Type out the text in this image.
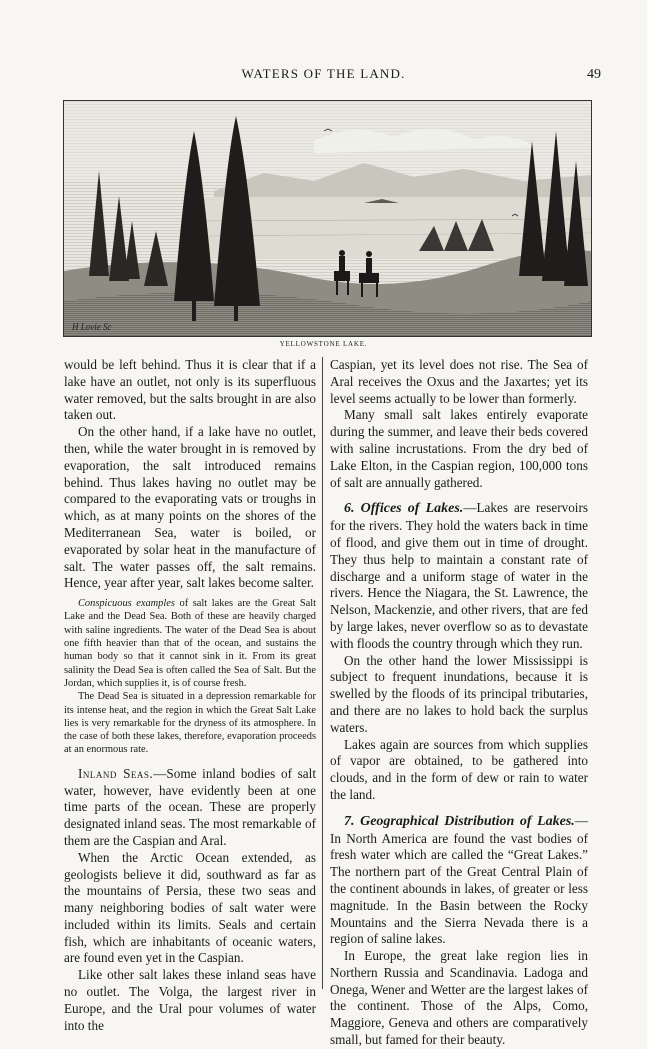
WATERS OF THE LAND.	49
H Lovie Sc
YELLOWSTONE LAKE.

would be left behind. Thus it is clear that if a lake have an outlet, not only is its superfluous water removed, but the salts brought in are also taken out.

On the other hand, if a lake have no outlet, then, while the water brought in is removed by evaporation, the salt introduced remains behind. Thus lakes having no outlet may be compared to the evaporating vats or troughs in which, as at many points on the shores of the Mediterranean Sea, water is boiled, or evaporated by solar heat in the manufacture of salt. The water passes off, the salt remains. Hence, year after year, salt lakes become salter.

Conspicuous examples of salt lakes are the Great Salt Lake and the Dead Sea. Both of these are heavily charged with saline ingredients. The water of the Dead Sea is about one fifth heavier than that of the ocean, and sustains the human body so that it cannot sink in it. From its great salinity the Dead Sea is often called the Sea of Salt. But the Jordan, which supplies it, is of course fresh.

The Dead Sea is situated in a depression remarkable for its intense heat, and the region in which the Great Salt Lake lies is very remarkable for the dryness of its atmosphere. In the case of both these lakes, therefore, evaporation proceeds at an enormous rate.

Inland Seas.—Some inland bodies of salt water, however, have evidently been at one time parts of the ocean. These are properly designated inland seas. The most remarkable of them are the Caspian and Aral.

When the Arctic Ocean extended, as geologists believe it did, southward as far as the mountains of Persia, these two seas and many neighboring bodies of salt water were included within its limits. Seals and certain fish, which are inhabitants of oceanic waters, are found even yet in the Caspian.

Like other salt lakes these inland seas have no outlet. The Volga, the largest river in Europe, and the Ural pour volumes of water into the

Caspian, yet its level does not rise. The Sea of Aral receives the Oxus and the Jaxartes; yet its level seems actually to be lower than formerly.

Many small salt lakes entirely evaporate during the summer, and leave their beds covered with saline incrustations. From the dry bed of Lake Elton, in the Caspian region, 100,000 tons of salt are annually gathered.

6. Offices of Lakes.—Lakes are reservoirs for the rivers. They hold the waters back in time of flood, and give them out in time of drought. They thus help to maintain a constant rate of discharge and a uniform stage of water in the rivers. Hence the Niagara, the St. Lawrence, the Nelson, Mackenzie, and other rivers, that are fed by large lakes, never overflow so as to devastate with floods the country through which they run.

On the other hand the lower Mississippi is subject to frequent inundations, because it is swelled by the floods of its principal tributaries, and there are no lakes to hold back the surplus waters.

Lakes again are sources from which supplies of vapor are obtained, to be gathered into clouds, and in the form of dew or rain to water the land.

7. Geographical Distribution of Lakes.—In North America are found the vast bodies of fresh water which are called the “Great Lakes.” The northern part of the Great Central Plain of the continent abounds in lakes, of greater or less magnitude. In the Basin between the Rocky Mountains and the Sierra Nevada there is a region of saline lakes.

In Europe, the great lake region lies in Northern Russia and Scandinavia. Ladoga and Onega, Wener and Wetter are the largest lakes of the continent. Those of the Alps, Como, Maggiore, Geneva and others are comparatively small, but famed for their beauty.
